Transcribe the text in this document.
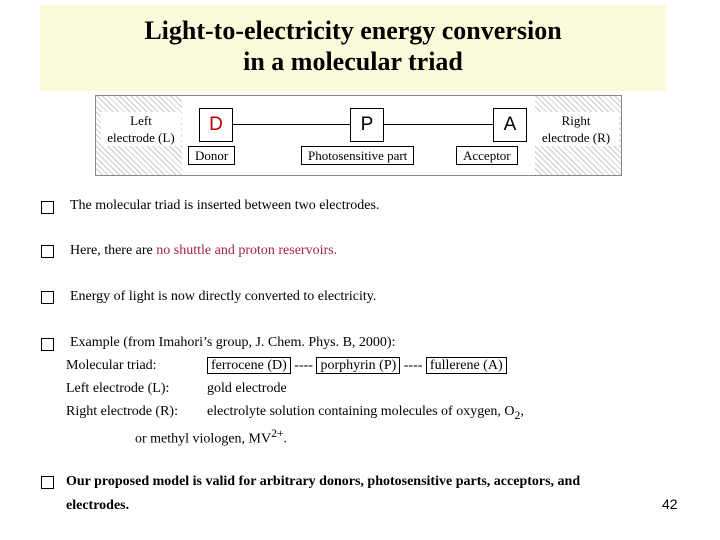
Light-to-electricity energy conversion
in a molecular triad
Left
electrode (L)
Right
electrode (R)
D	P	A
Donor	Photosensitive part	Acceptor
The molecular triad is inserted between two electrodes.
Here, there are no shuttle and proton reservoirs.
Energy of light is now directly converted to electricity.
Example (from Imahori’s group, J. Chem. Phys. B, 2000):
Molecular triad:	ferrocene (D) ---- porphyrin (P) ---- fullerene (A)
Left electrode (L):	gold electrode
Right electrode (R): electrolyte solution containing molecules of oxygen, $O_2$,
or methyl viologen, $MV^{2+}$.
Our proposed model is valid for arbitrary donors, photosensitive parts, acceptors, and
electrodes.	42
